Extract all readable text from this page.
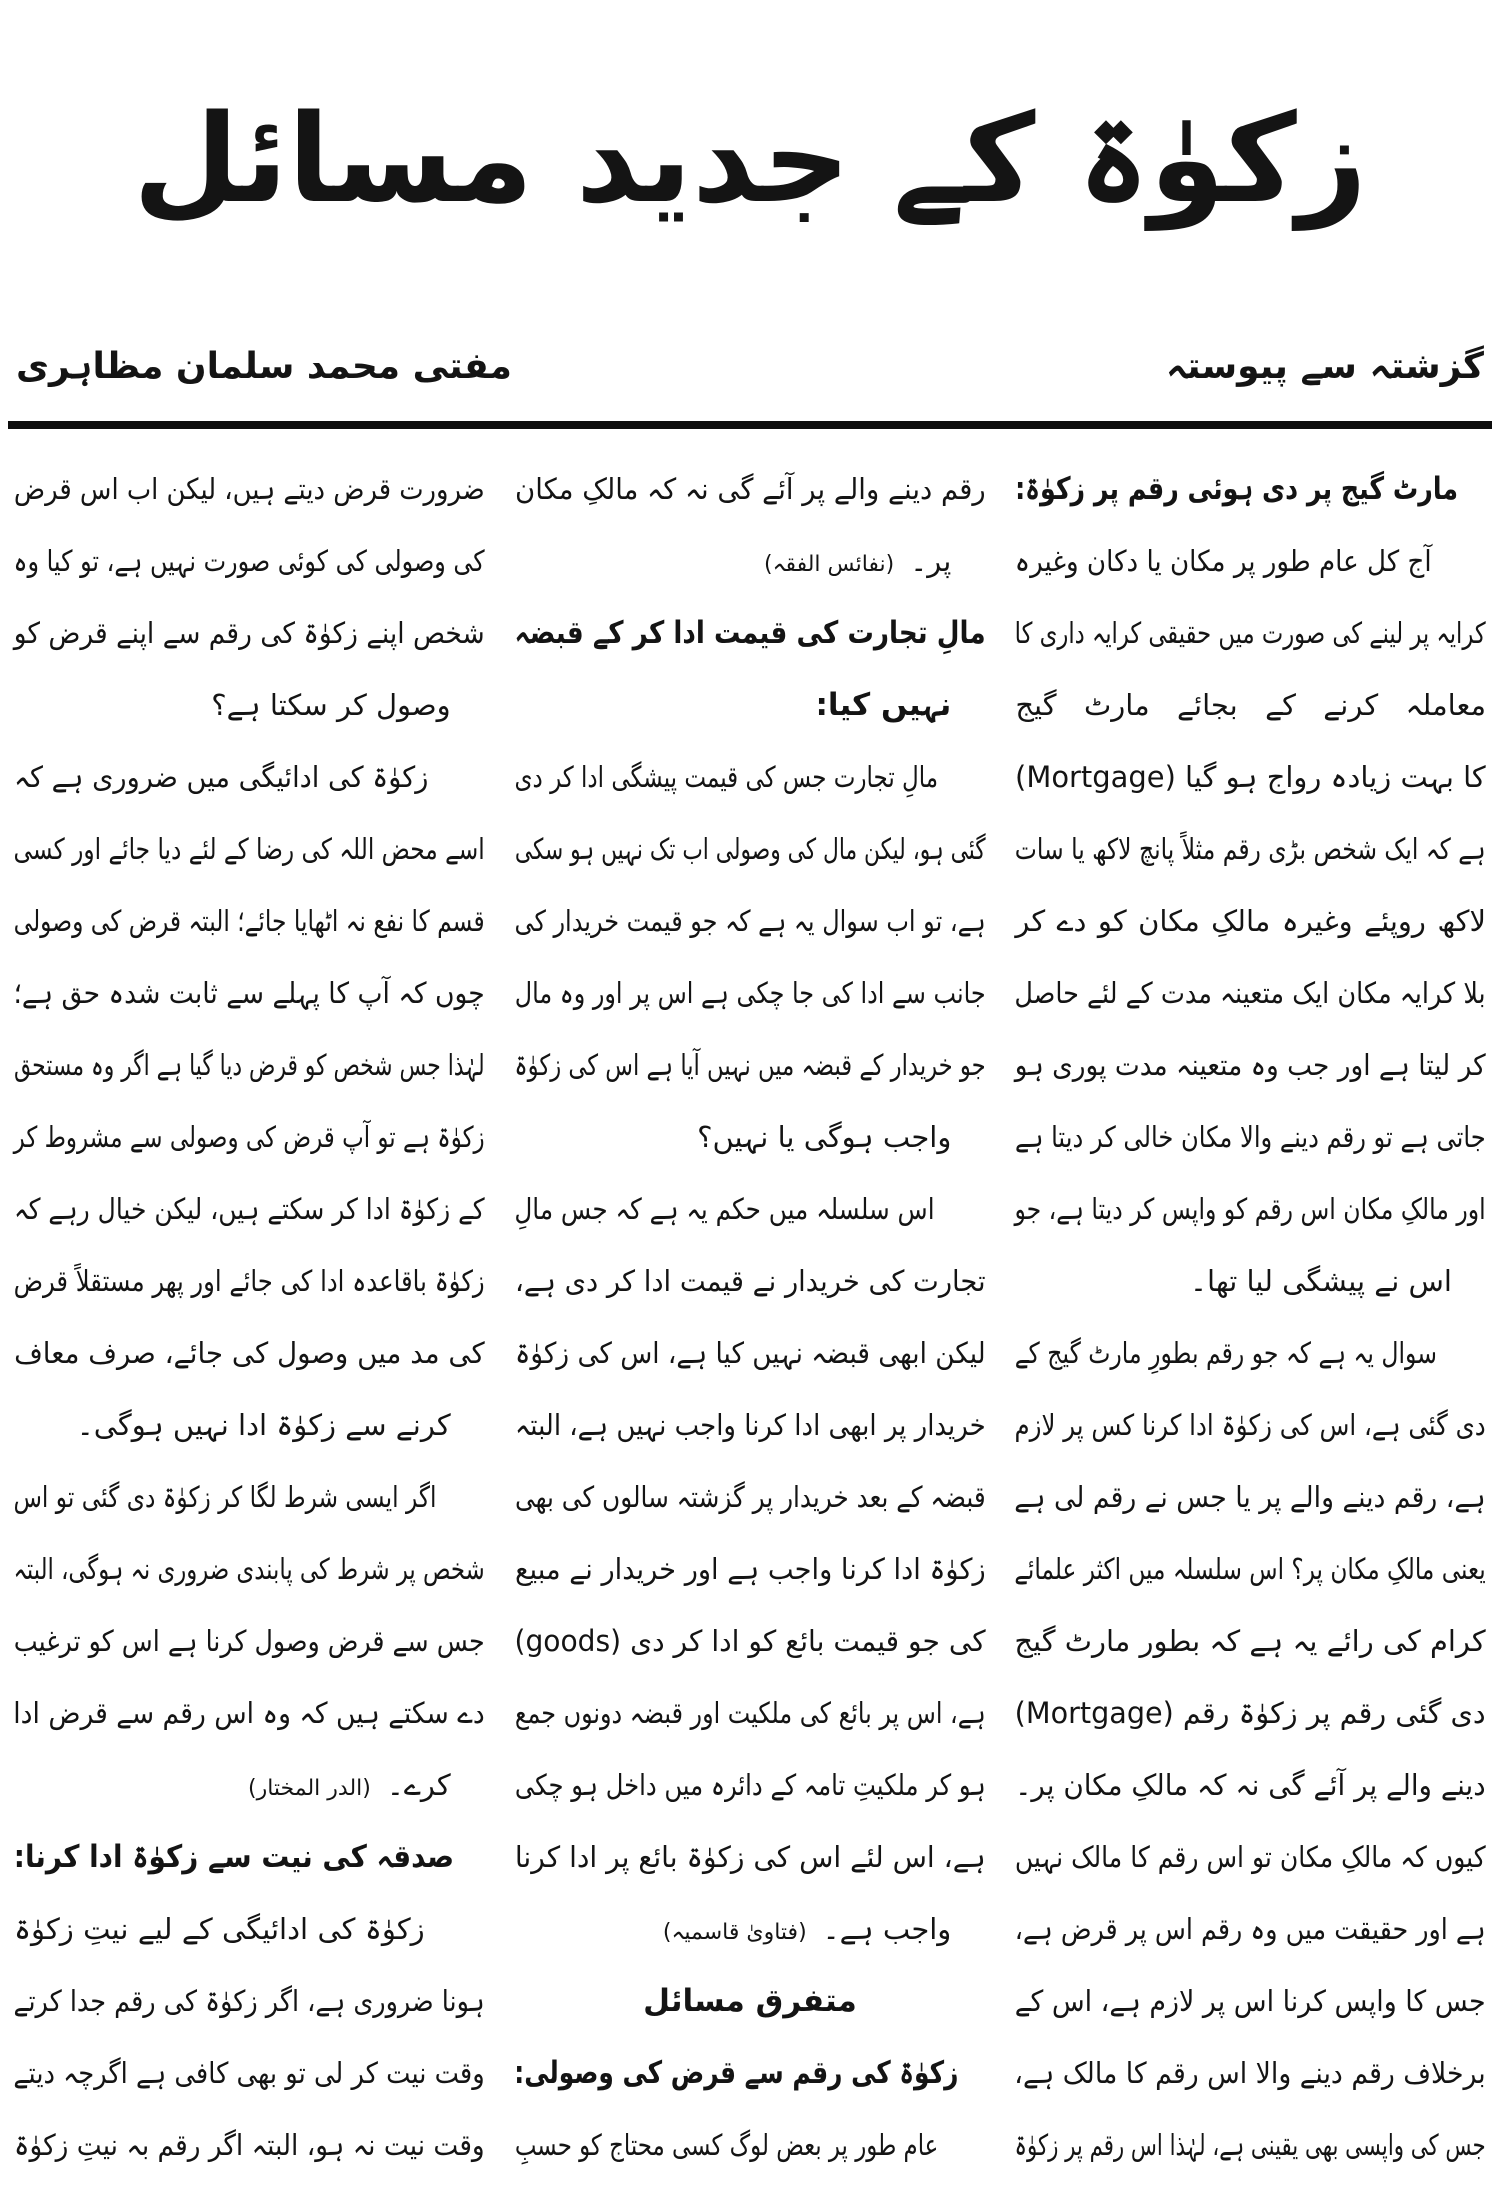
زکوٰۃ کے جدید مسائل
گزشتہ سے پیوستہ
مفتی محمد سلمان مظاہری
مارٹ گیج پر دی ہوئی رقم پر زکوٰۃ:
آج کل عام طور پر مکان یا دکان وغیرہ
کرایہ پر لینے کی صورت میں حقیقی کرایہ داری کا
معاملہ کرنے کے بجائے مارٹ گیج
کا بہت زیادہ رواج ہو گیا (Mortgage)
ہے کہ ایک شخص بڑی رقم مثلاً پانچ لاکھ یا سات
لاکھ روپئے وغیرہ مالکِ مکان کو دے کر
بلا کرایہ مکان ایک متعینہ مدت کے لئے حاصل
کر لیتا ہے اور جب وہ متعینہ مدت پوری ہو
جاتی ہے تو رقم دینے والا مکان خالی کر دیتا ہے
اور مالکِ مکان اس رقم کو واپس کر دیتا ہے، جو
اس نے پیشگی لیا تھا۔
سوال یہ ہے کہ جو رقم بطورِ مارٹ گیج کے
دی گئی ہے، اس کی زکوٰۃ ادا کرنا کس پر لازم
ہے، رقم دینے والے پر یا جس نے رقم لی ہے
یعنی مالکِ مکان پر؟ اس سلسلہ میں اکثر علمائے
کرام کی رائے یہ ہے کہ بطور مارٹ گیج
دی گئی رقم پر زکوٰۃ رقم (Mortgage)
دینے والے پر آئے گی نہ کہ مالکِ مکان پر۔
کیوں کہ مالکِ مکان تو اس رقم کا مالک نہیں
ہے اور حقیقت میں وہ رقم اس پر قرض ہے،
جس کا واپس کرنا اس پر لازم ہے، اس کے
برخلاف رقم دینے والا اس رقم کا مالک ہے،
جس کی واپسی بھی یقینی ہے، لہٰذا اس رقم پر زکوٰۃ
رقم دینے والے پر آئے گی نہ کہ مالکِ مکان
پر۔(نفائس الفقہ)
مالِ تجارت کی قیمت ادا کر کے قبضہ
نہیں کیا:
مالِ تجارت جس کی قیمت پیشگی ادا کر دی
گئی ہو، لیکن مال کی وصولی اب تک نہیں ہو سکی
ہے، تو اب سوال یہ ہے کہ جو قیمت خریدار کی
جانب سے ادا کی جا چکی ہے اس پر اور وہ مال
جو خریدار کے قبضہ میں نہیں آیا ہے اس کی زکوٰۃ
واجب ہوگی یا نہیں؟
اس سلسلہ میں حکم یہ ہے کہ جس مالِ
تجارت کی خریدار نے قیمت ادا کر دی ہے،
لیکن ابھی قبضہ نہیں کیا ہے، اس کی زکوٰۃ
خریدار پر ابھی ادا کرنا واجب نہیں ہے، البتہ
قبضہ کے بعد خریدار پر گزشتہ سالوں کی بھی
زکوٰۃ ادا کرنا واجب ہے اور خریدار نے مبیع
کی جو قیمت بائع کو ادا کر دی (goods)
ہے، اس پر بائع کی ملکیت اور قبضہ دونوں جمع
ہو کر ملکیتِ تامہ کے دائرہ میں داخل ہو چکی
ہے، اس لئے اس کی زکوٰۃ بائع پر ادا کرنا
واجب ہے۔(فتاویٰ قاسمیہ)
متفرق مسائل
زکوٰۃ کی رقم سے قرض کی وصولی:
عام طور پر بعض لوگ کسی محتاج کو حسبِ
ضرورت قرض دیتے ہیں، لیکن اب اس قرض
کی وصولی کی کوئی صورت نہیں ہے، تو کیا وہ
شخص اپنے زکوٰۃ کی رقم سے اپنے قرض کو
وصول کر سکتا ہے؟
زکوٰۃ کی ادائیگی میں ضروری ہے کہ
اسے محض اللہ کی رضا کے لئے دیا جائے اور کسی
قسم کا نفع نہ اٹھایا جائے؛ البتہ قرض کی وصولی
چوں کہ آپ کا پہلے سے ثابت شدہ حق ہے؛
لہٰذا جس شخص کو قرض دیا گیا ہے اگر وہ مستحق
زکوٰۃ ہے تو آپ قرض کی وصولی سے مشروط کر
کے زکوٰۃ ادا کر سکتے ہیں، لیکن خیال رہے کہ
زکوٰۃ باقاعدہ ادا کی جائے اور پھر مستقلاً قرض
کی مد میں وصول کی جائے، صرف معاف
کرنے سے زکوٰۃ ادا نہیں ہوگی۔
اگر ایسی شرط لگا کر زکوٰۃ دی گئی تو اس
شخص پر شرط کی پابندی ضروری نہ ہوگی، البتہ
جس سے قرض وصول کرنا ہے اس کو ترغیب
دے سکتے ہیں کہ وہ اس رقم سے قرض ادا
کرے۔(الدر المختار)
صدقہ کی نیت سے زکوٰۃ ادا کرنا:
زکوٰۃ کی ادائیگی کے لیے نیتِ زکوٰۃ
ہونا ضروری ہے، اگر زکوٰۃ کی رقم جدا کرتے
وقت نیت کر لی تو بھی کافی ہے اگرچہ دیتے
وقت نیت نہ ہو، البتہ اگر رقم بہ نیتِ زکوٰۃ
